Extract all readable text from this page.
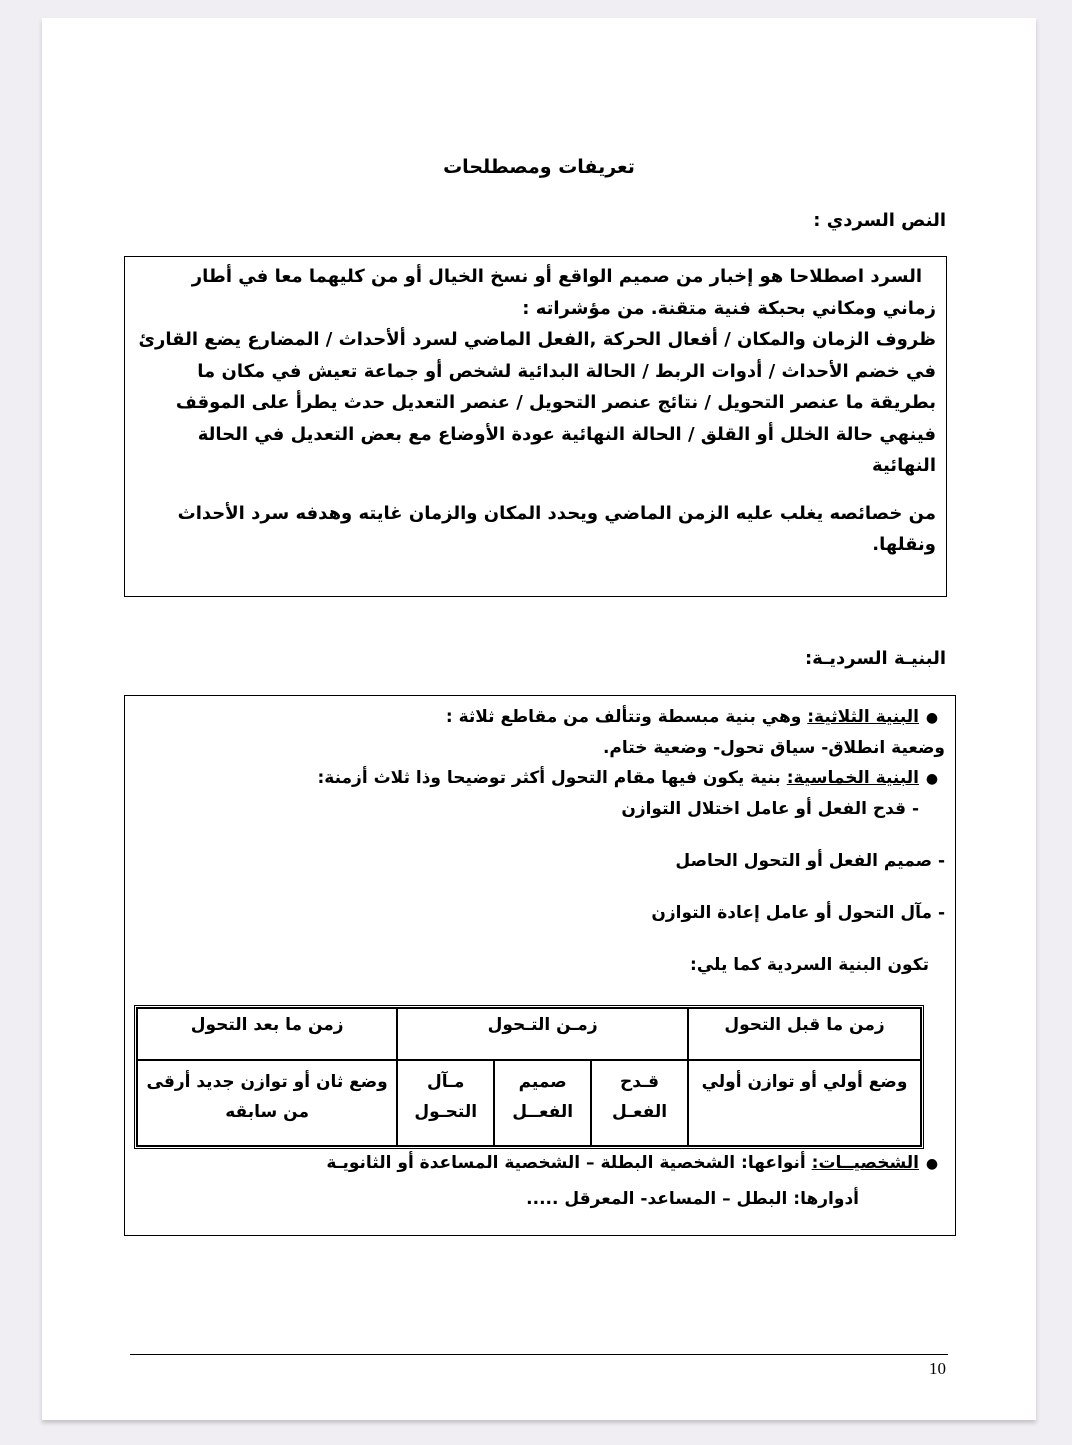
تعريفات ومصطلحات
النص السردي :

السرد اصطلاحا هو إخبار من صميم الواقع أو نسخ الخيال أو من كليهما معا في أطار زماني ومكاني بحبكة فنية متقنة. من مؤشراته :

ظروف الزمان والمكان / أفعال الحركة ,الفعل الماضي لسرد ألأحداث / المضارع يضع القارئ في خضم الأحداث / أدوات الربط / الحالة البدائية لشخص أو جماعة تعيش في مكان ما بطريقة ما عنصر التحويل / نتائج عنصر التحويل / عنصر التعديل حدث يطرأ على الموقف فينهي حالة الخلل أو القلق / الحالة النهائية عودة الأوضاع مع بعض التعديل في الحالة النهائية

من خصائصه يغلب عليه الزمن الماضي ويحدد المكان والزمان غايته وهدفه سرد الأحداث ونقلها.

البنيـة السرديـة:
●البنية الثلاثية: وهي بنية مبسطة وتتألف من مقاطع ثلاثة :
وضعية انطلاق- سياق تحول- وضعية ختام.
●البنية الخماسية: بنية يكون فيها مقام التحول أكثر توضيحا وذا ثلاث أزمنة:
- قدح الفعل أو عامل اختلال التوازن
- صميم الفعل أو التحول الحاصل
- مآل التحول أو عامل إعادة التوازن
تكون البنية السردية كما يلي:
●الشخصيــات: أنواعها: الشخصية البطلة – الشخصية المساعدة أو الثانويـة
أدوارها: البطل – المساعد- المعرقل .....
زمن ما قبل التحول	زمـن التـحول			زمن ما بعد التحول
وضع أولي أو توازن أولي	قـدح الفعـل	صميم الفعــل	مـآل التحـول	وضع ثان أو توازن جديد أرقى من سابقه
10
